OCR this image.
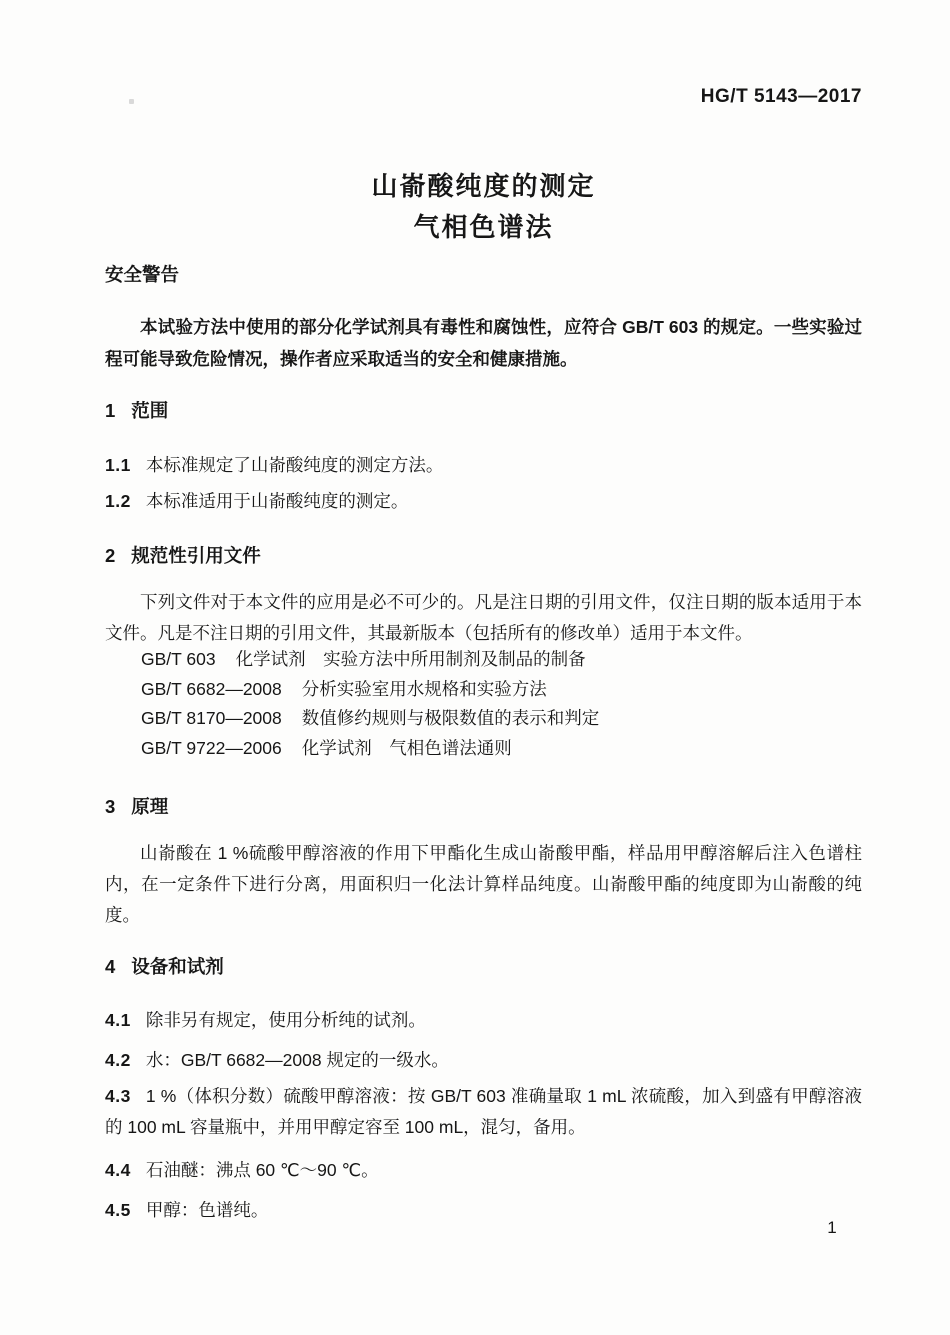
HG/T 5143—2017
山嵛酸纯度的测定
气相色谱法
安全警告
本试验方法中使用的部分化学试剂具有毒性和腐蚀性，应符合 GB/T 603 的规定。一些实验过程可能导致危险情况，操作者应采取适当的安全和健康措施。
1 范围
1.1 本标准规定了山嵛酸纯度的测定方法。
1.2 本标准适用于山嵛酸纯度的测定。
2 规范性引用文件
下列文件对于本文件的应用是必不可少的。凡是注日期的引用文件，仅注日期的版本适用于本文件。凡是不注日期的引用文件，其最新版本（包括所有的修改单）适用于本文件。
GB/T 603 化学试剂　实验方法中所用制剂及制品的制备
GB/T 6682—2008 分析实验室用水规格和实验方法
GB/T 8170—2008 数值修约规则与极限数值的表示和判定
GB/T 9722—2006 化学试剂　气相色谱法通则
3 原理
山嵛酸在 1 %硫酸甲醇溶液的作用下甲酯化生成山嵛酸甲酯，样品用甲醇溶解后注入色谱柱内，在一定条件下进行分离，用面积归一化法计算样品纯度。山嵛酸甲酯的纯度即为山嵛酸的纯度。
4 设备和试剂
4.1 除非另有规定，使用分析纯的试剂。
4.2 水：GB/T 6682—2008 规定的一级水。
4.3 1 %（体积分数）硫酸甲醇溶液：按 GB/T 603 准确量取 1 mL 浓硫酸，加入到盛有甲醇溶液的 100 mL 容量瓶中，并用甲醇定容至 100 mL，混匀，备用。
4.4 石油醚：沸点 60 ℃～90 ℃。
4.5 甲醇：色谱纯。
1
